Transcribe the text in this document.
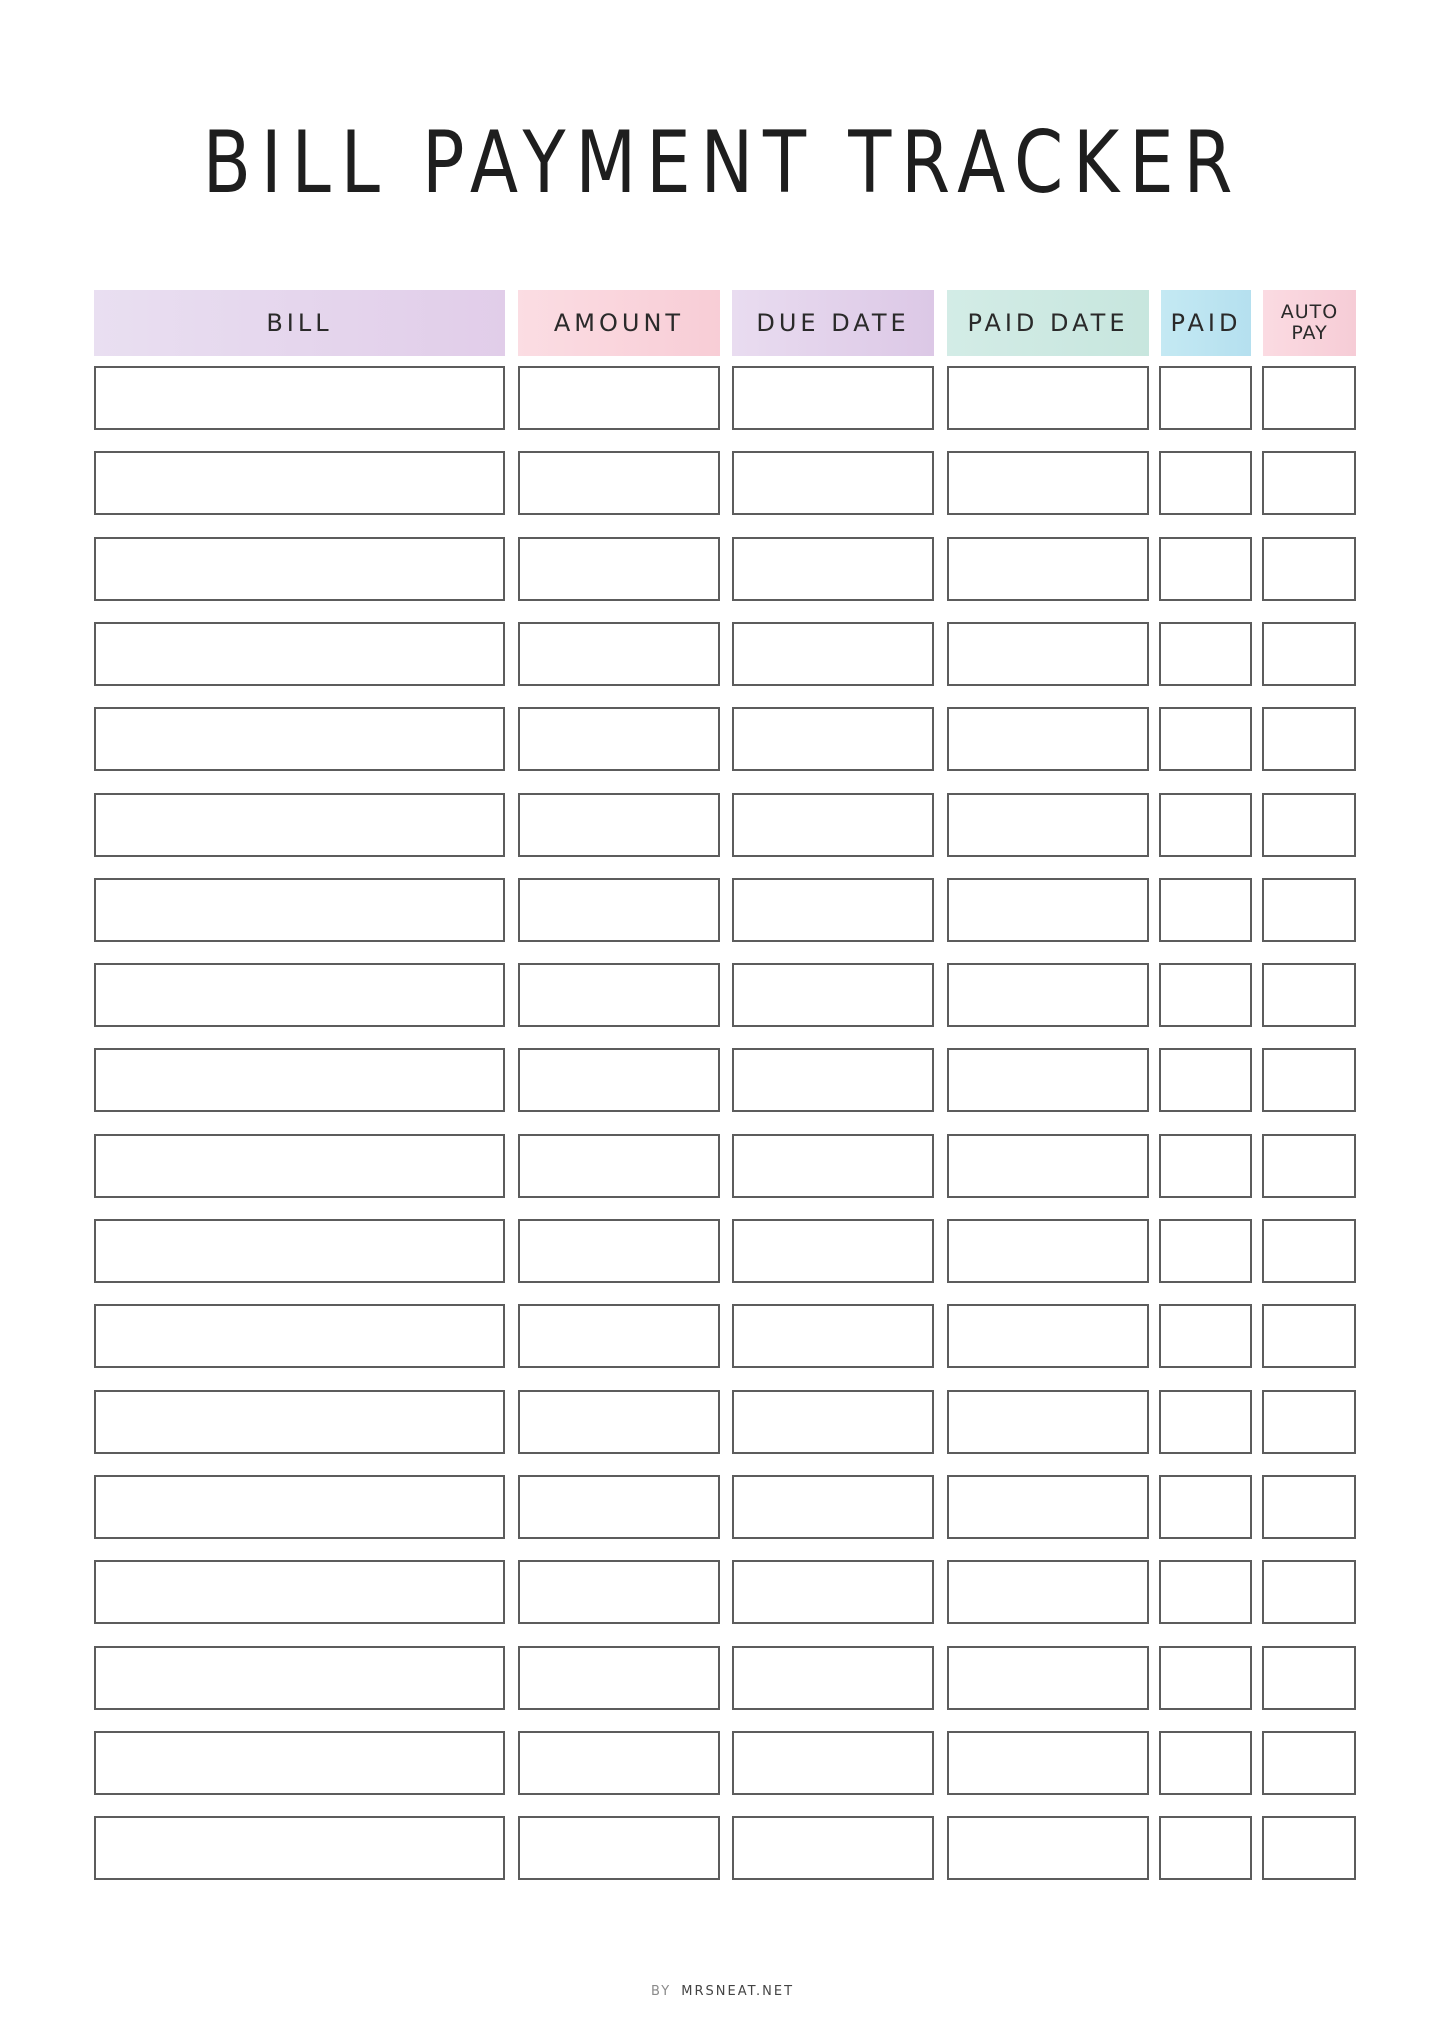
BILL PAYMENT TRACKER
BILL	AMOUNT	DUE DATE PAID DATE PAID AUTO PAY
BY MRSNEAT.NET
